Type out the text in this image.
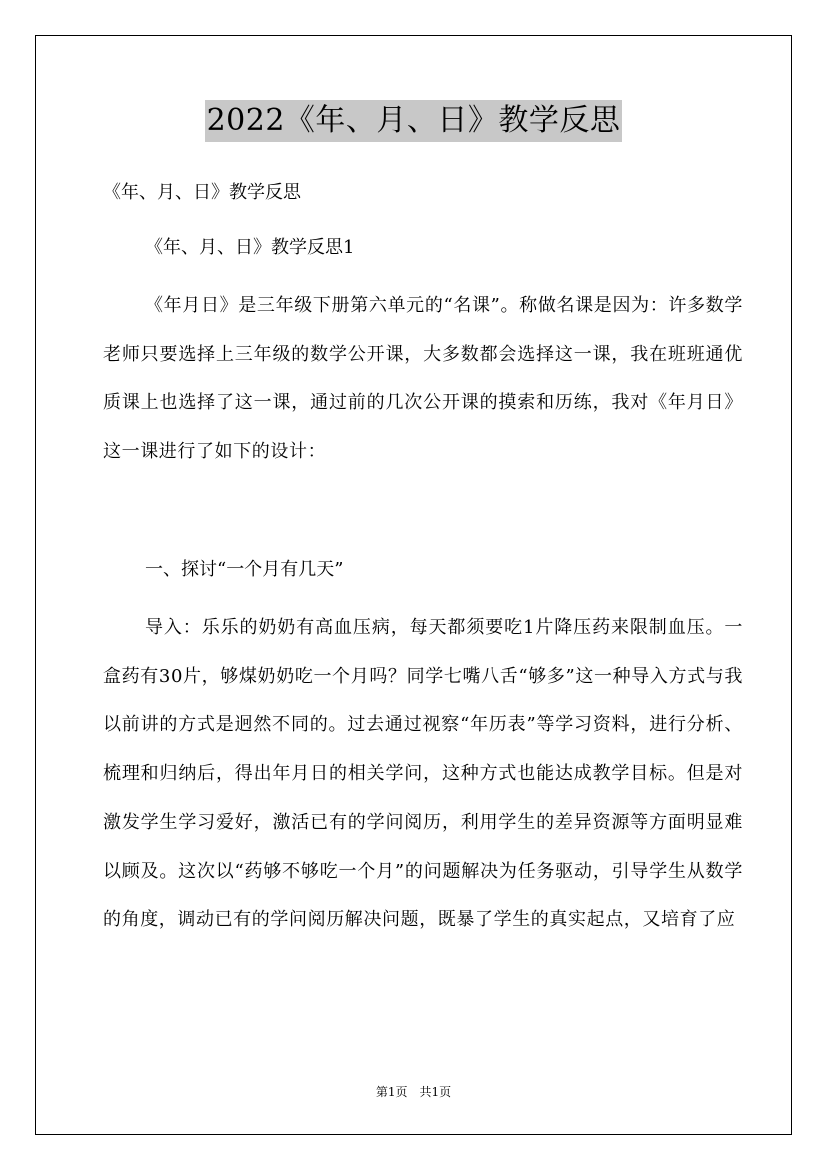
2022《年、月、日》教学反思
《年、月、日》教学反思
《年、月、日》教学反思1
《年月日》是三年级下册第六单元的“名课”。称做名课是因为：许多数学老师只要选择上三年级的数学公开课，大多数都会选择这一课，我在班班通优质课上也选择了这一课，通过前的几次公开课的摸索和历练，我对《年月日》这一课进行了如下的设计：
一、探讨“一个月有几天”
导入：乐乐的奶奶有高血压病，每天都须要吃1片降压药来限制血压。一盒药有30片，够煤奶奶吃一个月吗？同学七嘴八舌“够多”这一种导入方式与我以前讲的方式是迥然不同的。过去通过视察“年历表”等学习资料，进行分析、梳理和归纳后，得出年月日的相关学问，这种方式也能达成教学目标。但是对激发学生学习爱好，激活已有的学问阅历，利用学生的差异资源等方面明显难以顾及。这次以“药够不够吃一个月”的问题解决为任务驱动，引导学生从数学的角度，调动已有的学问阅历解决问题，既暴了学生的真实起点，又培育了应
第1页　共1页
